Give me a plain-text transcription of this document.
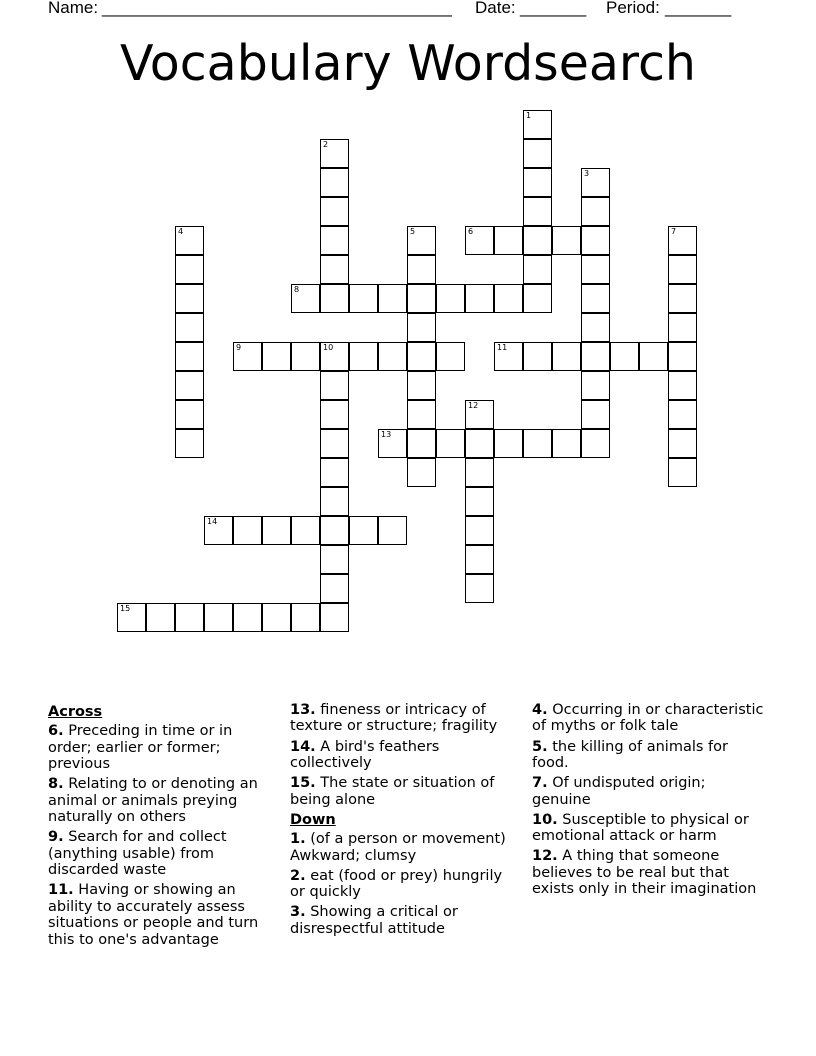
Name: _____________________________________ Date: _______ Period: _______
Vocabulary Wordsearch
1
2
3
4	5	6	7
8
9	10	11
12
13
14
15
Across
6. Preceding in time or in order; earlier or former; previous
8. Relating to or denoting an animal or animals preying naturally on others
9. Search for and collect (anything usable) from discarded waste
11. Having or showing an ability to accurately assess situations or people and turn this to one's advantage
13. fineness or intricacy of texture or structure; fragility
14. A bird's feathers collectively
15. The state or situation of being alone
Down
1. (of a person or movement) Awkward; clumsy
2. eat (food or prey) hungrily or quickly
3. Showing a critical or disrespectful attitude
4. Occurring in or characteristic of myths or folk tale
5. the killing of animals for food.
7. Of undisputed origin; genuine
10. Susceptible to physical or emotional attack or harm
12. A thing that someone believes to be real but that exists only in their imagination
